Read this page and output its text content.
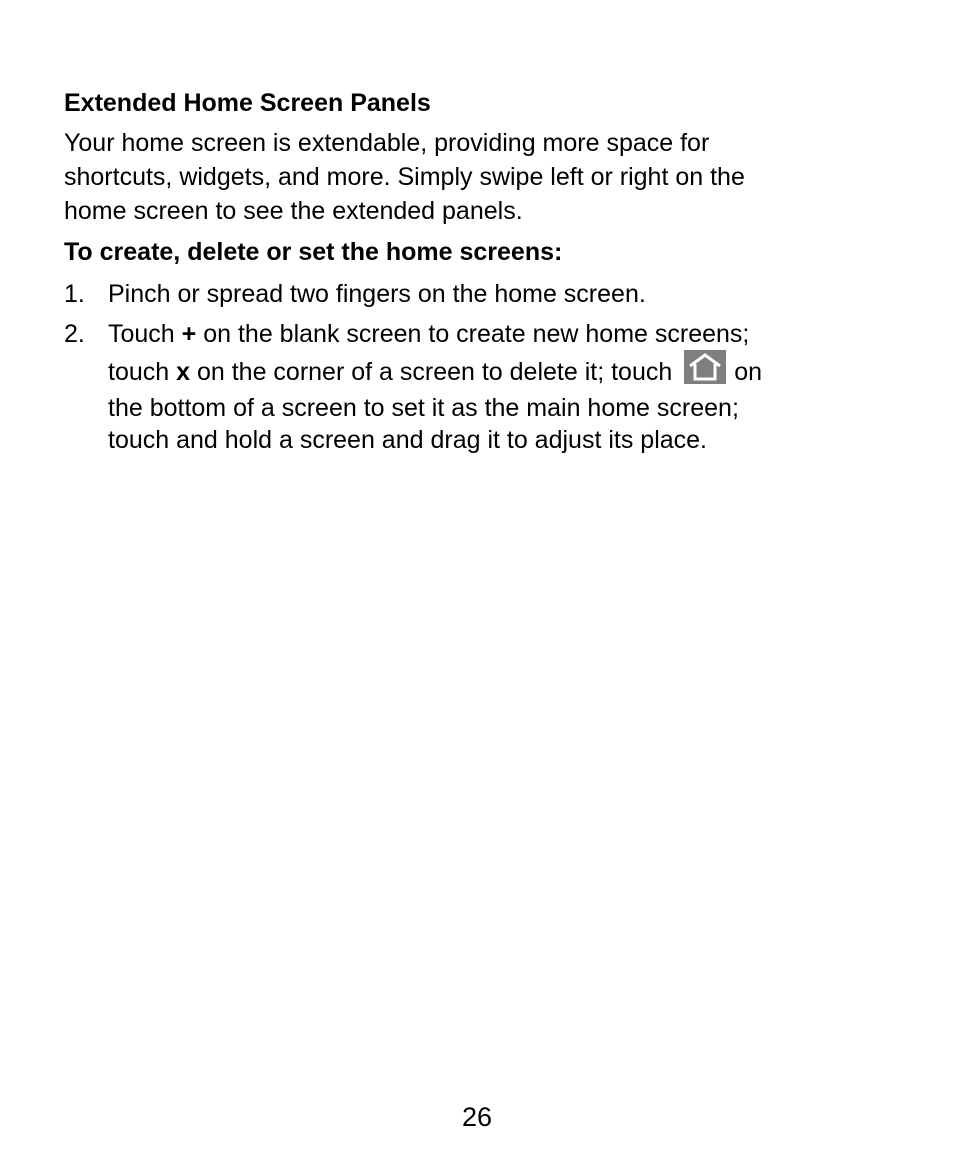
Extended Home Screen Panels
Your home screen is extendable, providing more space for
shortcuts, widgets, and more. Simply swipe left or right on the
home screen to see the extended panels.
To create, delete or set the home screens:
1. Pinch or spread two fingers on the home screen.
2. Touch + on the blank screen to create new home screens;
touch x on the corner of a screen to delete it; touch on
the bottom of a screen to set it as the main home screen;
touch and hold a screen and drag it to adjust its place.
26
